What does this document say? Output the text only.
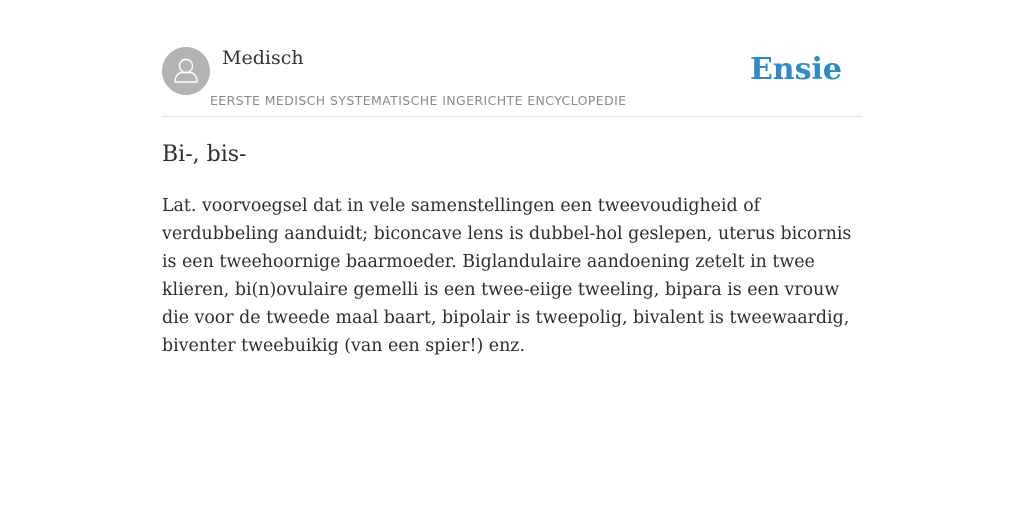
Medisch
EERSTE MEDISCH SYSTEMATISCHE INGERICHTE ENCYCLOPEDIE
Ensie
Bi-, bis-

Lat. voorvoegsel dat in vele samenstellingen een tweevoudigheid of verdubbeling aanduidt; biconcave lens is dubbel-hol geslepen, uterus bicornis is een tweehoornige baarmoeder. Biglandulaire aandoening zetelt in twee klieren, bi(n)ovulaire gemelli is een twee-eiige tweeling, bipara is een vrouw die voor de tweede maal baart, bipolair is tweepolig, bivalent is tweewaardig, biventer tweebuikig (van een spier!) enz.
